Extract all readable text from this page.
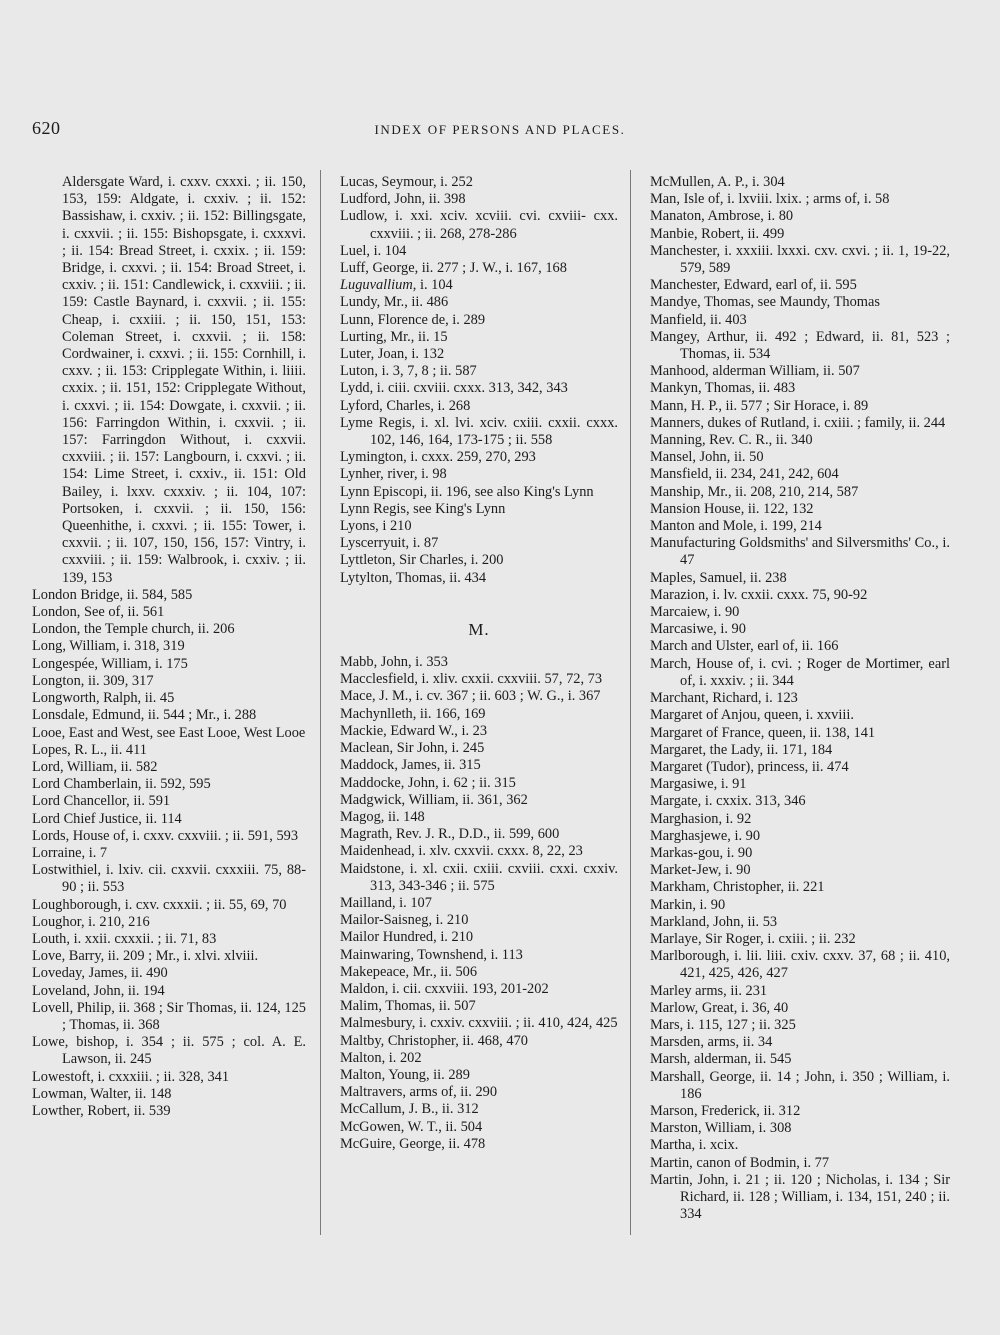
620	INDEX OF PERSONS AND PLACES.
Aldersgate Ward, i. cxxv. cxxxi. ; ii. 150, 153, 159: Aldgate, i. cxxiv. ; ii. 152: Bassishaw, i. cxxiv. ; ii. 152: Billingsgate, i. cxxvii. ; ii. 155: Bishopsgate, i. cxxxvi. ; ii. 154: Bread Street, i. cxxix. ; ii. 159: Bridge, i. cxxvi. ; ii. 154: Broad Street, i. cxxiv. ; ii. 151: Candlewick, i. cxxviii. ; ii. 159: Castle Baynard, i. cxxvii. ; ii. 155: Cheap, i. cxxiii. ; ii. 150, 151, 153: Coleman Street, i. cxxvii. ; ii. 158: Cordwainer, i. cxxvi. ; ii. 155: Cornhill, i. cxxv. ; ii. 153: Cripplegate Within, i. liiii. cxxix. ; ii. 151, 152: Cripplegate Without, i. cxxvi. ; ii. 154: Dowgate, i. cxxvii. ; ii. 156: Farringdon Within, i. cxxvii. ; ii. 157: Farringdon Without, i. cxxvii. cxxviii. ; ii. 157: Langbourn, i. cxxvi. ; ii. 154: Lime Street, i. cxxiv., ii. 151: Old Bailey, i. lxxv. cxxxiv. ; ii. 104, 107: Portsoken, i. cxxvii. ; ii. 150, 156: Queenhithe, i. cxxvi. ; ii. 155: Tower, i. cxxvii. ; ii. 107, 150, 156, 157: Vintry, i. cxxviii. ; ii. 159: Walbrook, i. cxxiv. ; ii. 139, 153
London Bridge, ii. 584, 585
London, See of, ii. 561
London, the Temple church, ii. 206
Long, William, i. 318, 319
Longespée, William, i. 175
Longton, ii. 309, 317
Longworth, Ralph, ii. 45
Lonsdale, Edmund, ii. 544 ; Mr., i. 288
Looe, East and West, see East Looe, West Looe
Lopes, R. L., ii. 411
Lord, William, ii. 582
Lord Chamberlain, ii. 592, 595
Lord Chancellor, ii. 591
Lord Chief Justice, ii. 114
Lords, House of, i. cxxv. cxxviii. ; ii. 591, 593
Lorraine, i. 7
Lostwithiel, i. lxiv. cii. cxxvii. cxxxiii. 75, 88-90 ; ii. 553
Loughborough, i. cxv. cxxxii. ; ii. 55, 69, 70
Loughor, i. 210, 216
Louth, i. xxii. cxxxii. ; ii. 71, 83
Love, Barry, ii. 209 ; Mr., i. xlvi. xlviii.
Loveday, James, ii. 490
Loveland, John, ii. 194
Lovell, Philip, ii. 368 ; Sir Thomas, ii. 124, 125 ; Thomas, ii. 368
Lowe, bishop, i. 354 ; ii. 575 ; col. A. E. Lawson, ii. 245
Lowestoft, i. cxxxiii. ; ii. 328, 341
Lowman, Walter, ii. 148
Lowther, Robert, ii. 539
Lucas, Seymour, i. 252
Ludford, John, ii. 398
Ludlow, i. xxi. xciv. xcviii. cvi. cxviii- cxx. cxxviii. ; ii. 268, 278-286
Luel, i. 104
Luff, George, ii. 277 ; J. W., i. 167, 168
Luguvallium, i. 104
Lundy, Mr., ii. 486
Lunn, Florence de, i. 289
Lurting, Mr., ii. 15
Luter, Joan, i. 132
Luton, i. 3, 7, 8 ; ii. 587
Lydd, i. ciii. cxviii. cxxx. 313, 342, 343
Lyford, Charles, i. 268
Lyme Regis, i. xl. lvi. xciv. cxiii. cxxii. cxxx. 102, 146, 164, 173-175 ; ii. 558
Lymington, i. cxxx. 259, 270, 293
Lynher, river, i. 98
Lynn Episcopi, ii. 196, see also King's Lynn
Lynn Regis, see King's Lynn
Lyons, i 210
Lyscerryuit, i. 87
Lyttleton, Sir Charles, i. 200
Lytylton, Thomas, ii. 434
M.
Mabb, John, i. 353
Macclesfield, i. xliv. cxxii. cxxviii. 57, 72, 73
Mace, J. M., i. cv. 367 ; ii. 603 ; W. G., i. 367
Machynlleth, ii. 166, 169
Mackie, Edward W., i. 23
Maclean, Sir John, i. 245
Maddock, James, ii. 315
Maddocke, John, i. 62 ; ii. 315
Madgwick, William, ii. 361, 362
Magog, ii. 148
Magrath, Rev. J. R., D.D., ii. 599, 600
Maidenhead, i. xlv. cxxvii. cxxx. 8, 22, 23
Maidstone, i. xl. cxii. cxiii. cxviii. cxxi. cxxiv. 313, 343-346 ; ii. 575
Mailland, i. 107
Mailor-Saisneg, i. 210
Mailor Hundred, i. 210
Mainwaring, Townshend, i. 113
Makepeace, Mr., ii. 506
Maldon, i. cii. cxxviii. 193, 201-202
Malim, Thomas, ii. 507
Malmesbury, i. cxxiv. cxxviii. ; ii. 410, 424, 425
Maltby, Christopher, ii. 468, 470
Malton, i. 202
Malton, Young, ii. 289
Maltravers, arms of, ii. 290
McCallum, J. B., ii. 312
McGowen, W. T., ii. 504
McGuire, George, ii. 478
McMullen, A. P., i. 304
Man, Isle of, i. lxviii. lxix. ; arms of, i. 58
Manaton, Ambrose, i. 80
Manbie, Robert, ii. 499
Manchester, i. xxxiii. lxxxi. cxv. cxvi. ; ii. 1, 19-22, 579, 589
Manchester, Edward, earl of, ii. 595
Mandye, Thomas, see Maundy, Thomas
Manfield, ii. 403
Mangey, Arthur, ii. 492 ; Edward, ii. 81, 523 ; Thomas, ii. 534
Manhood, alderman William, ii. 507
Mankyn, Thomas, ii. 483
Mann, H. P., ii. 577 ; Sir Horace, i. 89
Manners, dukes of Rutland, i. cxiii. ; family, ii. 244
Manning, Rev. C. R., ii. 340
Mansel, John, ii. 50
Mansfield, ii. 234, 241, 242, 604
Manship, Mr., ii. 208, 210, 214, 587
Mansion House, ii. 122, 132
Manton and Mole, i. 199, 214
Manufacturing Goldsmiths' and Silversmiths' Co., i. 47
Maples, Samuel, ii. 238
Marazion, i. lv. cxxii. cxxx. 75, 90-92
Marcaiew, i. 90
Marcasiwe, i. 90
March and Ulster, earl of, ii. 166
March, House of, i. cvi. ; Roger de Mortimer, earl of, i. xxxiv. ; ii. 344
Marchant, Richard, i. 123
Margaret of Anjou, queen, i. xxviii.
Margaret of France, queen, ii. 138, 141
Margaret, the Lady, ii. 171, 184
Margaret (Tudor), princess, ii. 474
Margasiwe, i. 91
Margate, i. cxxix. 313, 346
Marghasion, i. 92
Marghasjewe, i. 90
Markas-gou, i. 90
Market-Jew, i. 90
Markham, Christopher, ii. 221
Markin, i. 90
Markland, John, ii. 53
Marlaye, Sir Roger, i. cxiii. ; ii. 232
Marlborough, i. lii. liii. cxiv. cxxv. 37, 68 ; ii. 410, 421, 425, 426, 427
Marley arms, ii. 231
Marlow, Great, i. 36, 40
Mars, i. 115, 127 ; ii. 325
Marsden, arms, ii. 34
Marsh, alderman, ii. 545
Marshall, George, ii. 14 ; John, i. 350 ; William, i. 186
Marson, Frederick, ii. 312
Marston, William, i. 308
Martha, i. xcix.
Martin, canon of Bodmin, i. 77
Martin, John, i. 21 ; ii. 120 ; Nicholas, i. 134 ; Sir Richard, ii. 128 ; William, i. 134, 151, 240 ; ii. 334
